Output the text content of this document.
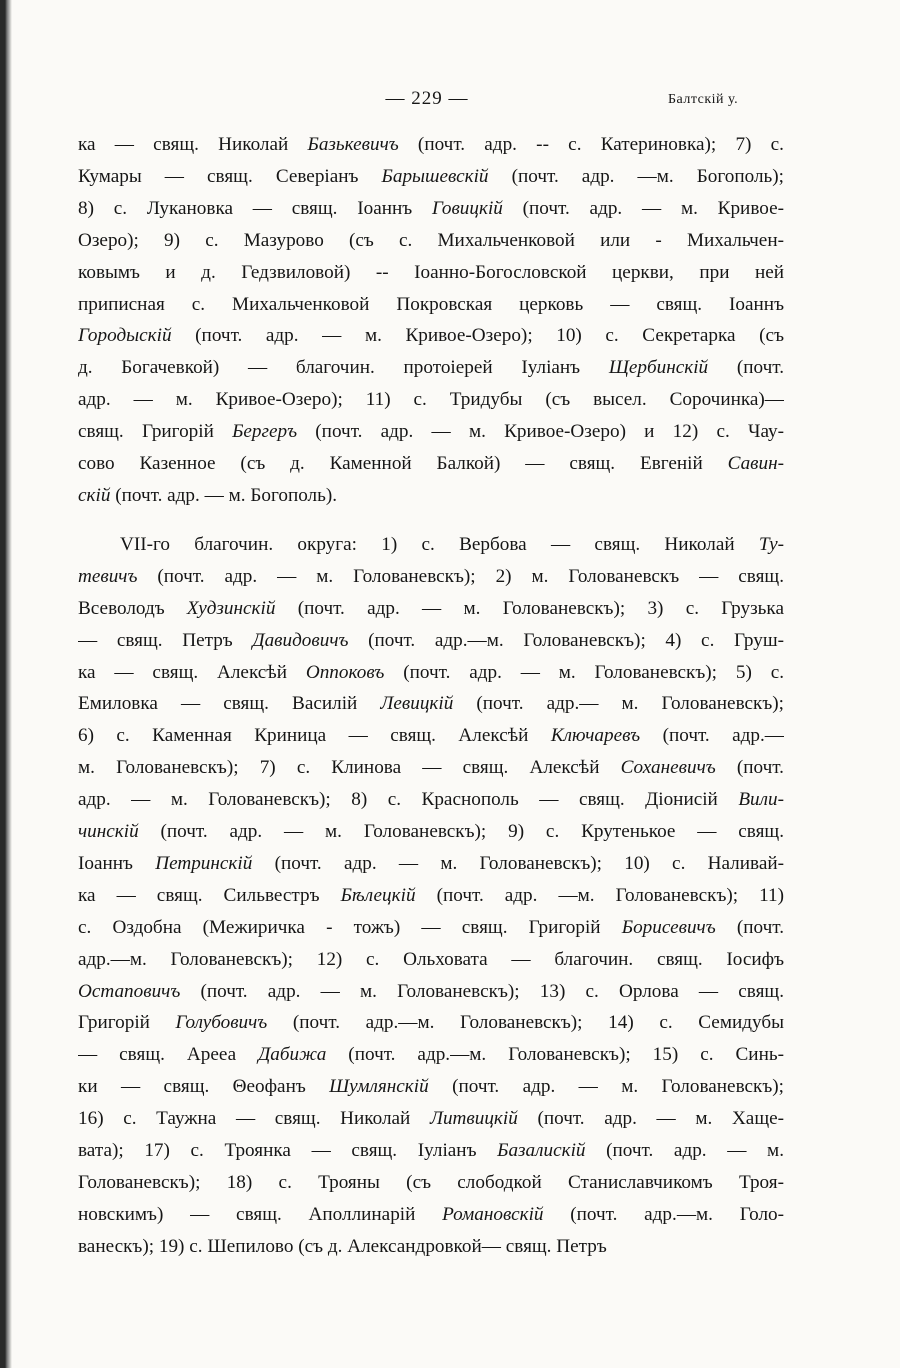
— 229 —	Балтскій у.
ка — свящ. Николай Базькевичъ (почт. адр. -- с. Катериновка); 7) с.
Кумары — свящ. Северіанъ Барышевскій (почт. адр. —м. Богополь);
8) с. Лукановка — свящ. Іоаннъ Говицкій (почт. адр. — м. Кривое-
Озеро); 9) с. Мазурово (съ с. Михальченковой или - Михальчен-
ковымъ и д. Гедзвиловой) -- Іоанно-Богословской церкви, при ней
приписная с. Михальченковой Покровская церковь — свящ. Іоаннъ
Городыскій (почт. адр. — м. Кривое-Озеро); 10) с. Секретарка (съ
д. Богачевкой) — благочин. протоіерей Іуліанъ Щербинскій (почт.
адр. — м. Кривое-Озеро); 11) с. Тридубы (съ высел. Сорочинка)—
свящ. Григорій Бергеръ (почт. адр. — м. Кривое-Озеро) и 12) с. Чау-
сово Казенное (съ д. Каменной Балкой) — свящ. Евгеній Савин-
скій (почт. адр. — м. Богополь).
VII-го благочин. округа: 1) с. Вербова — свящ. Николай Ту-
тевичъ (почт. адр. — м. Голованевскъ); 2) м. Голованевскъ — свящ.
Всеволодъ Худзинскій (почт. адр. — м. Голованевскъ); 3) с. Грузька
— свящ. Петръ Давидовичъ (почт. адр.—м. Голованевскъ); 4) с. Груш-
ка — свящ. Алексѣй Оппоковъ (почт. адр. — м. Голованевскъ); 5) с.
Емиловка — свящ. Василій Левицкій (почт. адр.— м. Голованевскъ);
6) с. Каменная Криница — свящ. Алексѣй Ключаревъ (почт. адр.—
м. Голованевскъ); 7) с. Клинова — свящ. Алексѣй Соханевичъ (почт.
адр. — м. Голованевскъ); 8) с. Краснополь — свящ. Діонисій Вили-
чинскій (почт. адр. — м. Голованевскъ); 9) с. Крутенькое — свящ.
Іоаннъ Петринскій (почт. адр. — м. Голованевскъ); 10) с. Наливай-
ка — свящ. Сильвестръ Бѣлецкій (почт. адр. —м. Голованевскъ); 11)
с. Оздобна (Межиричка - тожъ) — свящ. Григорій Борисевичъ (почт.
адр.—м. Голованевскъ); 12) с. Ольховата — благочин. свящ. Іосифъ
Остаповичъ (почт. адр. — м. Голованевскъ); 13) с. Орлова — свящ.
Григорій Голубовичъ (почт. адр.—м. Голованевскъ); 14) с. Семидубы
— свящ. Арееа Дабижа (почт. адр.—м. Голованевскъ); 15) с. Синь-
ки — свящ. Θеофанъ Шумлянскій (почт. адр. — м. Голованевскъ);
16) с. Таужна — свящ. Николай Литвицкій (почт. адр. — м. Хащe-
вата); 17) с. Троянка — свящ. Іуліанъ Базалискій (почт. адр. — м.
Голованевскъ); 18) с. Трояны (съ слободкой Станиславчикомъ Троя-
новскимъ) — свящ. Аполлинарій Романовскій (почт. адр.—м. Голо-
ванескъ); 19) с. Шепилово (съ д. Александровкой— свящ. Петръ
